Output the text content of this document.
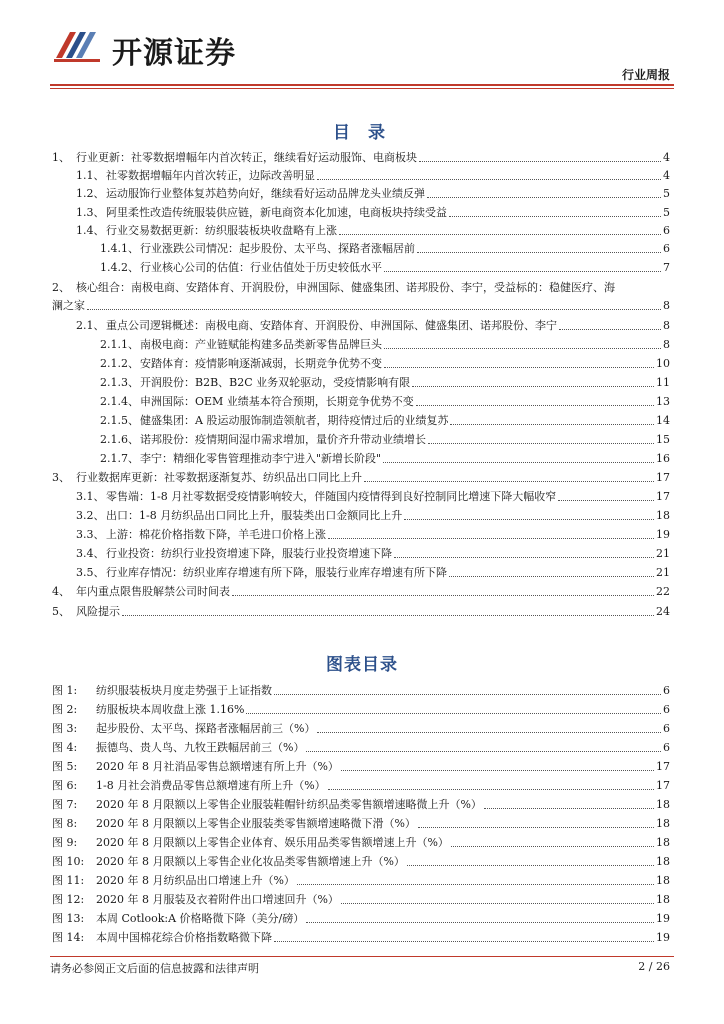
开源证券
行业周报
目 录
1、 行业更新：社零数据增幅年内首次转正，继续看好运动服饰、电商板块	4
1.1、 社零数据增幅年内首次转正，边际改善明显	4
1.2、 运动服饰行业整体复苏趋势向好，继续看好运动品牌龙头业绩反弹	5
1.3、 阿里柔性改造传统服装供应链，新电商资本化加速，电商板块持续受益	5
1.4、 行业交易数据更新：纺织服装板块收盘略有上涨	6
1.4.1、 行业涨跌公司情况：起步股份、太平鸟、探路者涨幅居前	6
1.4.2、 行业核心公司的估值：行业估值处于历史较低水平	7
2、 核心组合：南极电商、安踏体育、开润股份，申洲国际、健盛集团、诺邦股份、李宁，受益标的：稳健医疗、海
澜之家	8
2.1、 重点公司逻辑概述：南极电商、安踏体育、开润股份、申洲国际、健盛集团、诺邦股份、李宁	8
2.1.1、 南极电商：产业链赋能构建多品类新零售品牌巨头	8
2.1.2、 安踏体育：疫情影响逐渐减弱，长期竞争优势不变	10
2.1.3、 开润股份：B2B、B2C 业务双轮驱动，受疫情影响有限	11
2.1.4、 申洲国际：OEM 业绩基本符合预期，长期竞争优势不变	13
2.1.5、 健盛集团：A 股运动服饰制造领航者，期待疫情过后的业绩复苏	14
2.1.6、 诺邦股份：疫情期间湿巾需求增加，量价齐升带动业绩增长	15
2.1.7、 李宁：精细化零售管理推动李宁进入"新增长阶段"	16
3、 行业数据库更新：社零数据逐渐复苏、纺织品出口同比上升	17
3.1、 零售端：1-8 月社零数据受疫情影响较大，伴随国内疫情得到良好控制同比增速下降大幅收窄	17
3.2、 出口：1-8 月纺织品出口同比上升，服装类出口金额同比上升	18
3.3、 上游：棉花价格指数下降，羊毛进口价格上涨	19
3.4、 行业投资：纺织行业投资增速下降，服装行业投资增速下降	21
3.5、 行业库存情况：纺织业库存增速有所下降，服装行业库存增速有所下降	21
4、 年内重点限售股解禁公司时间表	22
5、 风险提示	24
图表目录
图 1:	纺织服装板块月度走势强于上证指数	6
图 2:	纺服板块本周收盘上涨 1.16%	6
图 3:	起步股份、太平鸟、探路者涨幅居前三（%）	6
图 4:	振德鸟、贵人鸟、九牧王跌幅居前三（%）	6
图 5:	2020 年 8 月社消品零售总额增速有所上升（%）	17
图 6:	1-8 月社会消费品零售总额增速有所上升（%）	17
图 7:	2020 年 8 月限额以上零售企业服装鞋帽针纺织品类零售额增速略微上升（%）	18
图 8:	2020 年 8 月限额以上零售企业服装类零售额增速略微下滑（%）	18
图 9:	2020 年 8 月限额以上零售企业体育、娱乐用品类零售额增速上升（%）	18
图 10:	2020 年 8 月限额以上零售企业化妆品类零售额增速上升（%）	18
图 11:	2020 年 8 月纺织品出口增速上升（%）	18
图 12:	2020 年 8 月服装及衣着附件出口增速回升（%）	18
图 13:	本周 Cotlook:A 价格略微下降（美分/磅）	19
图 14:	本周中国棉花综合价格指数略微下降	19
请务必参阅正文后面的信息披露和法律声明	2 / 26
